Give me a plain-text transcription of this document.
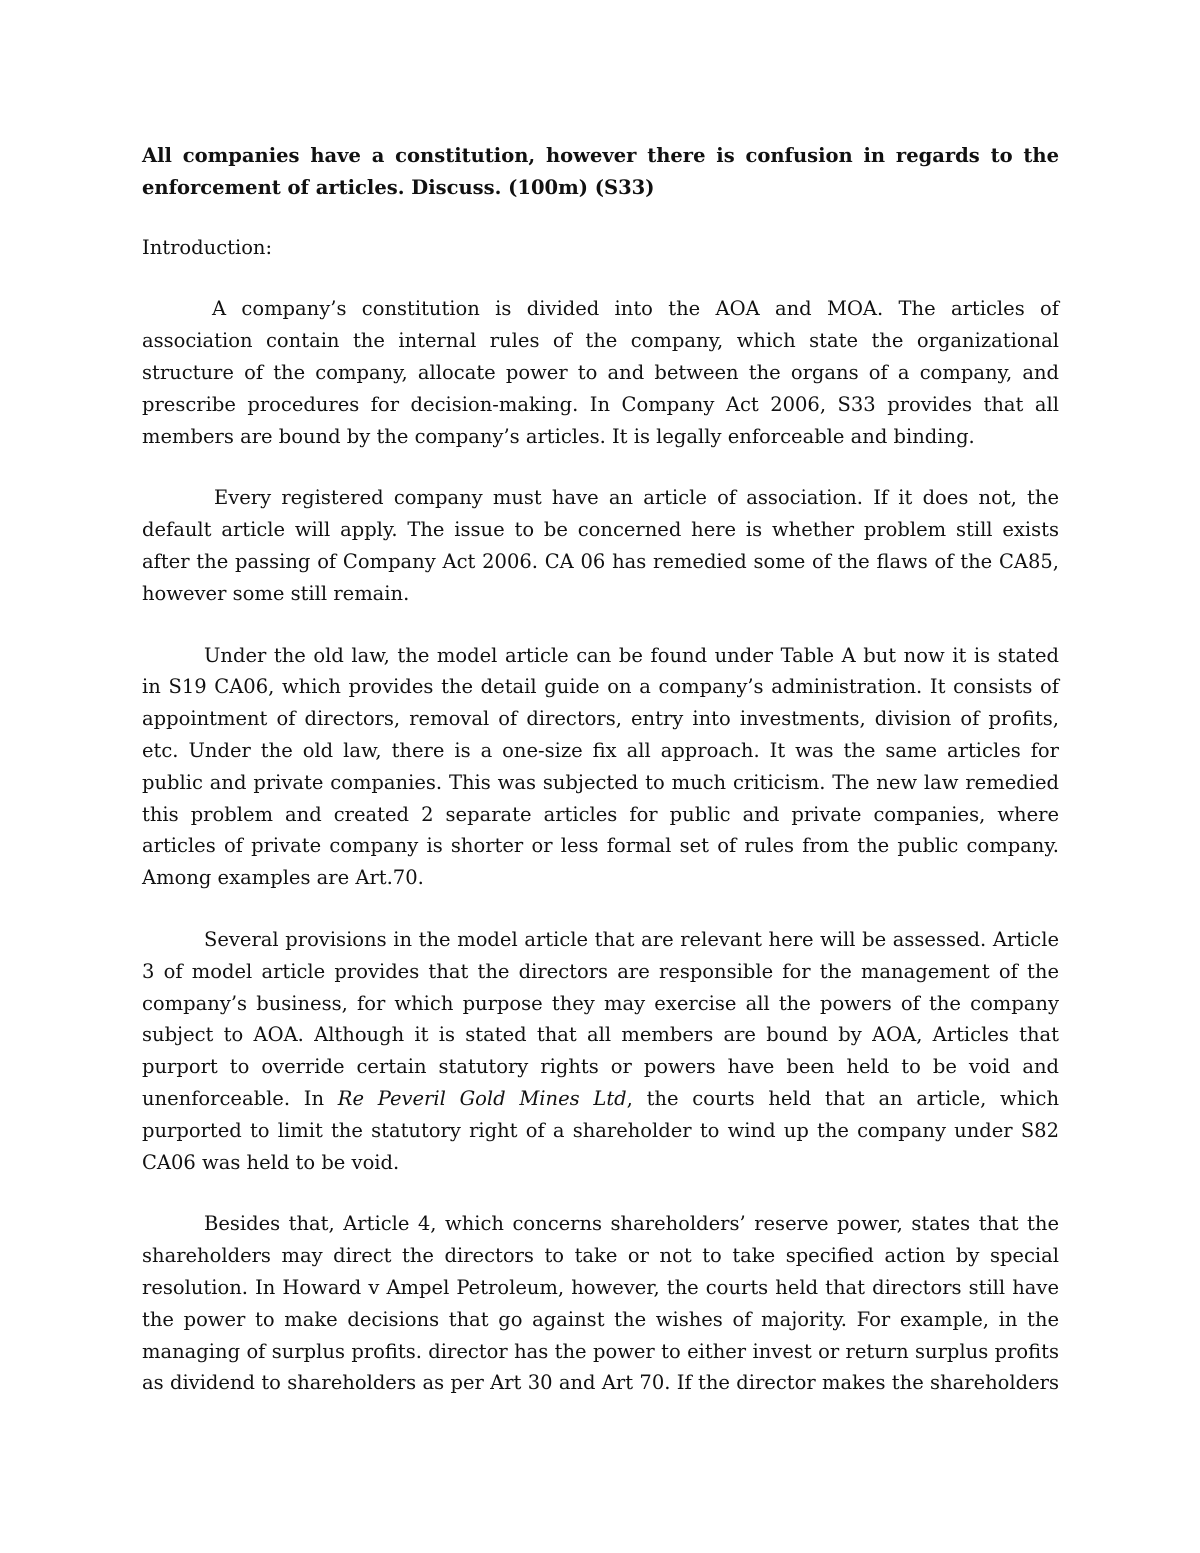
All companies have a constitution, however there is confusion in regards to the enforcement of articles. Discuss. (100m) (S33)

Introduction:

A company’s constitution is divided into the AOA and MOA. The articles of association contain the internal rules of the company, which state the organizational structure of the company, allocate power to and between the organs of a company, and prescribe procedures for decision-making. In Company Act 2006, S33 provides that all members are bound by the company’s articles. It is legally enforceable and binding.

Every registered company must have an article of association. If it does not, the default article will apply. The issue to be concerned here is whether problem still exists after the passing of Company Act 2006. CA 06 has remedied some of the flaws of the CA85, however some still remain.

Under the old law, the model article can be found under Table A but now it is stated in S19 CA06, which provides the detail guide on a company’s administration. It consists of appointment of directors, removal of directors, entry into investments, division of profits, etc. Under the old law, there is a one-size fix all approach. It was the same articles for public and private companies. This was subjected to much criticism. The new law remedied this problem and created 2 separate articles for public and private companies, where articles of private company is shorter or less formal set of rules from the public company. Among examples are Art.70.

Several provisions in the model article that are relevant here will be assessed. Article 3 of model article provides that the directors are responsible for the management of the company’s business, for which purpose they may exercise all the powers of the company subject to AOA. Although it is stated that all members are bound by AOA, Articles that purport to override certain statutory rights or powers have been held to be void and unenforceable. In Re Peveril Gold Mines Ltd, the courts held that an article, which purported to limit the statutory right of a shareholder to wind up the company under S82 CA06 was held to be void.

Besides that, Article 4, which concerns shareholders’ reserve power, states that the shareholders may direct the directors to take or not to take specified action by special resolution. In Howard v Ampel Petroleum, however, the courts held that directors still have the power to make decisions that go against the wishes of majority. For example, in the managing of surplus profits. director has the power to either invest or return surplus profits as dividend to shareholders as per Art 30 and Art 70. If the director makes the shareholders
